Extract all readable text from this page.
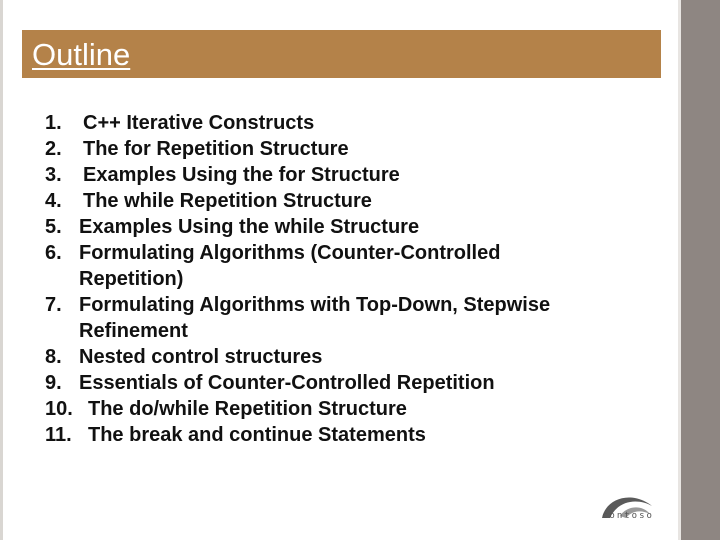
Outline
1. C++ Iterative Constructs
2. The for Repetition Structure
3. Examples Using the for Structure
4. The while Repetition Structure
5. Examples Using the while Structure
6. Formulating Algorithms (Counter-Controlled Repetition)
7. Formulating Algorithms with Top-Down, Stepwise Refinement
8. Nested control structures
9. Essentials of Counter-Controlled Repetition
10. The do/while Repetition Structure
11. The break and continue Statements
contoso
